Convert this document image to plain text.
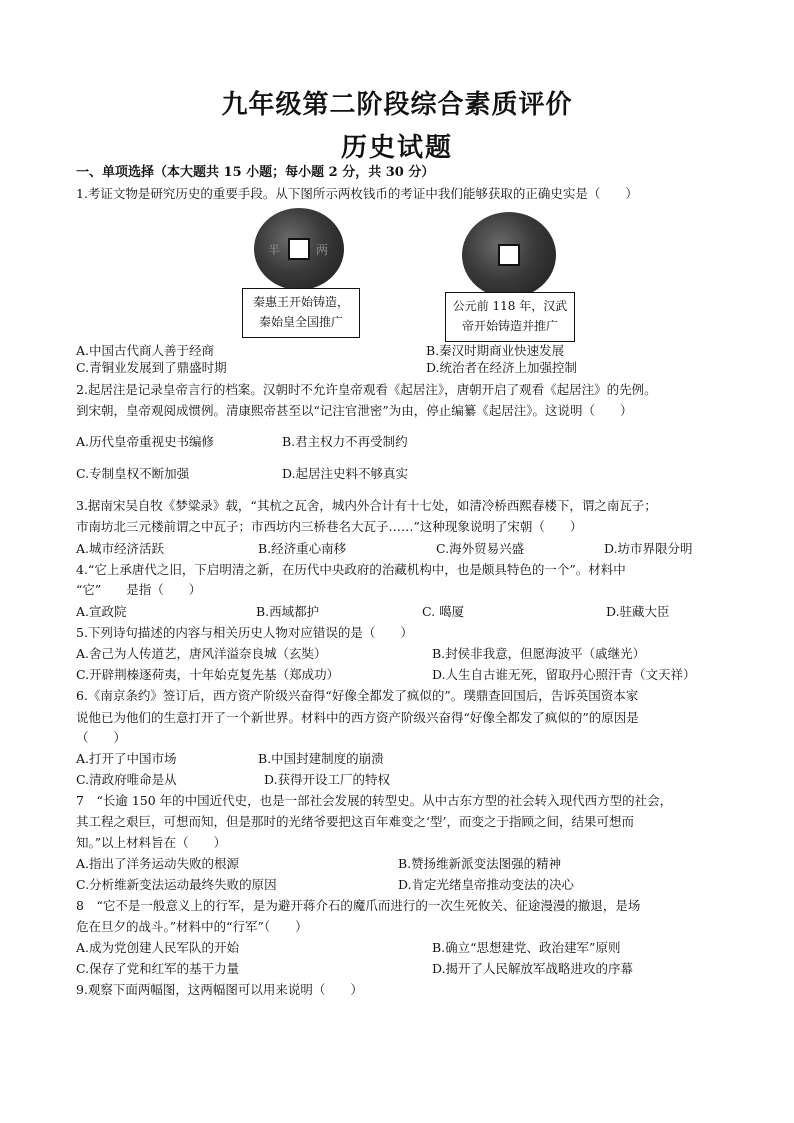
九年级第二阶段综合素质评价
历史试题
一、单项选择（本大题共 15 小题；每小题 2 分，共 30 分）
1.考证文物是研究历史的重要手段。从下图所示两枚钱币的考证中我们能够获取的正确史实是（　　）
半	两
秦惠王开始铸造，
秦始皇全国推广
公元前 118 年，汉武
帝开始铸造并推广
A.中国古代商人善于经商	B.秦汉时期商业快速发展
C.青铜业发展到了鼎盛时期	D.统治者在经济上加强控制
2.起居注是记录皇帝言行的档案。汉朝时不允许皇帝观看《起居注》，唐朝开启了观看《起居注》的先例。
到宋朝，皇帝观阅成惯例。清康熙帝甚至以“记注官泄密”为由，停止编纂《起居注》。这说明（　　）
A.历代皇帝重视史书编修	B.君主权力不再受制约
C.专制皇权不断加强	D.起居注史料不够真实
3.据南宋吴自牧《梦粱录》载，“其杭之瓦舍，城内外合计有十七处，如清冷桥西熙春楼下，谓之南瓦子；
市南坊北三元楼前谓之中瓦子；市西坊内三桥巷名大瓦子……”这种现象说明了宋朝（　　）
A.城市经济活跃	B.经济重心南移	C.海外贸易兴盛	D.坊市界限分明
4.“它上承唐代之旧，下启明清之新，在历代中央政府的治藏机构中，也是颇具特色的一个”。材料中
“它”　　是指（　　）
A.宣政院	B.西域都护	C. 噶厦	D.驻藏大臣
5.下列诗句描述的内容与相关历史人物对应错误的是（　　）
A.舍己为人传道艺，唐风洋溢奈良城（玄奘）	B.封侯非我意，但愿海波平（戚继光）
C.开辟荆榛逐荷夷，十年始克复先基（郑成功）	D.人生自古谁无死，留取丹心照汗青（文天祥）
6.《南京条约》签订后，西方资产阶级兴奋得“好像全都发了疯似的”。璞鼎查回国后，告诉英国资本家
说他已为他们的生意打开了一个新世界。材料中的西方资产阶级兴奋得“好像全都发了疯似的”的原因是
（　　）
A.打开了中国市场	B.中国封建制度的崩溃
C.清政府唯命是从	D.获得开设工厂的特权
7　“长逾 150 年的中国近代史，也是一部社会发展的转型史。从中古东方型的社会转入现代西方型的社会，
其工程之艰巨，可想而知，但是那时的光绪爷要把这百年难变之‘型’，而变之于指顾之间，结果可想而
知。”以上材料旨在（　　）
A.指出了洋务运动失败的根源	B.赞扬维新派变法图强的精神
C.分析维新变法运动最终失败的原因	D.肯定光绪皇帝推动变法的决心
8　“它不是一般意义上的行军，是为避开蒋介石的魔爪而进行的一次生死攸关、征途漫漫的撤退，是场
危在旦夕的战斗。”材料中的“行军”（　　）
A.成为党创建人民军队的开始	B.确立“思想建党、政治建军”原则
C.保存了党和红军的基干力量	D.揭开了人民解放军战略进攻的序幕
9.观察下面两幅图，这两幅图可以用来说明（　　）
